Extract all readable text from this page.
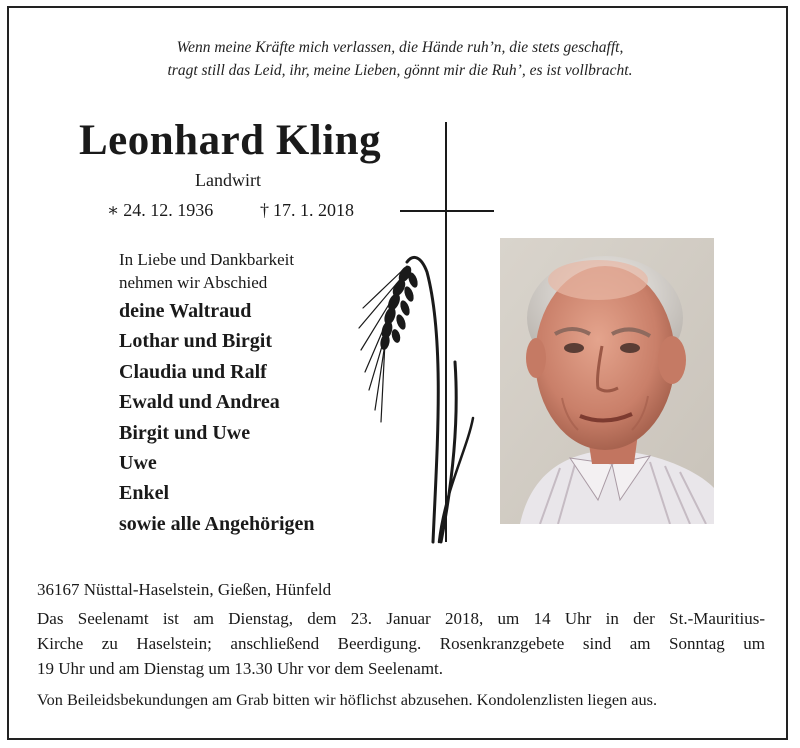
Wenn meine Kräfte mich verlassen, die Hände ruh’n, die stets geschafft,
tragt still das Leid, ihr, meine Lieben, gönnt mir die Ruh’, es ist vollbracht.
Leonhard Kling
Landwirt
∗ 24. 12. 1936	† 17. 1. 2018
In Liebe und Dankbarkeit
nehmen wir Abschied
deine Waltraud
Lothar und Birgit
Claudia und Ralf
Ewald und Andrea
Birgit und Uwe
Uwe
Enkel
sowie alle Angehörigen
36167 Nüsttal-Haselstein, Gießen, Hünfeld
Das Seelenamt ist am Dienstag, dem 23. Januar 2018, um 14 Uhr in der St.-Mauritius-
Kirche zu Haselstein; anschließend Beerdigung. Rosenkranzgebete sind am Sonntag um
19 Uhr und am Dienstag um 13.30 Uhr vor dem Seelenamt.
Von Beileidsbekundungen am Grab bitten wir höflichst abzusehen. Kondolenzlisten liegen aus.
